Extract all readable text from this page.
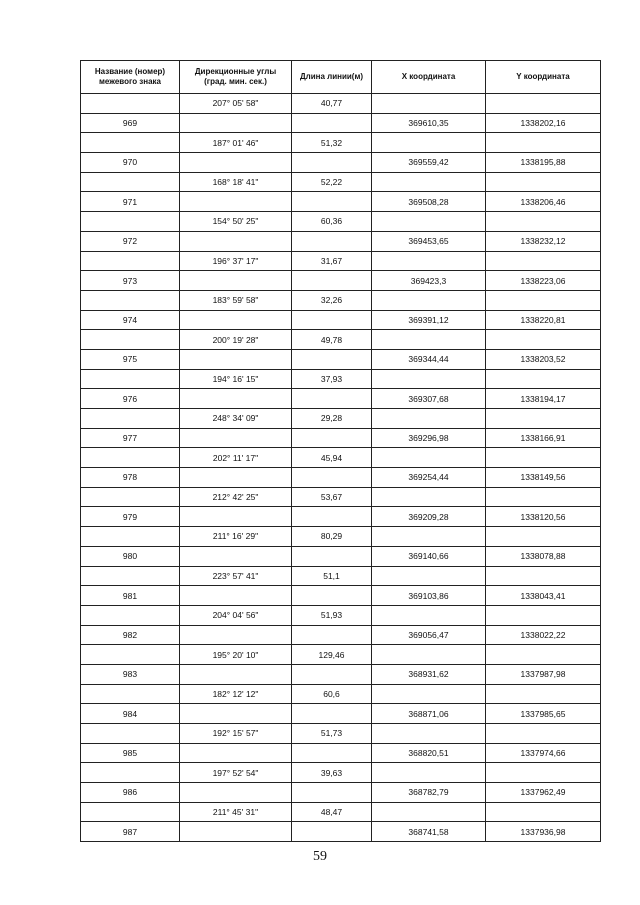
Название (номер)
межевого знака	Дирекционные углы
(град. мин. сек.)	Длина линии(м)	X координата	Y координата
	207° 05' 58"	40,77		
969			369610,35	1338202,16
	187° 01' 46"	51,32		
970			369559,42	1338195,88
	168° 18' 41"	52,22		
971			369508,28	1338206,46
	154° 50' 25"	60,36		
972			369453,65	1338232,12
	196° 37' 17"	31,67		
973			369423,3	1338223,06
	183° 59' 58"	32,26		
974			369391,12	1338220,81
	200° 19' 28"	49,78		
975			369344,44	1338203,52
	194° 16' 15"	37,93		
976			369307,68	1338194,17
	248° 34' 09"	29,28		
977			369296,98	1338166,91
	202° 11' 17"	45,94		
978			369254,44	1338149,56
	212° 42' 25"	53,67		
979			369209,28	1338120,56
	211° 16' 29"	80,29		
980			369140,66	1338078,88
	223° 57' 41"	51,1		
981			369103,86	1338043,41
	204° 04' 56"	51,93		
982			369056,47	1338022,22
	195° 20' 10"	129,46		
983			368931,62	1337987,98
	182° 12' 12"	60,6		
984			368871,06	1337985,65
	192° 15' 57"	51,73		
985			368820,51	1337974,66
	197° 52' 54"	39,63		
986			368782,79	1337962,49
	211° 45' 31"	48,47		
987			368741,58	1337936,98
59
